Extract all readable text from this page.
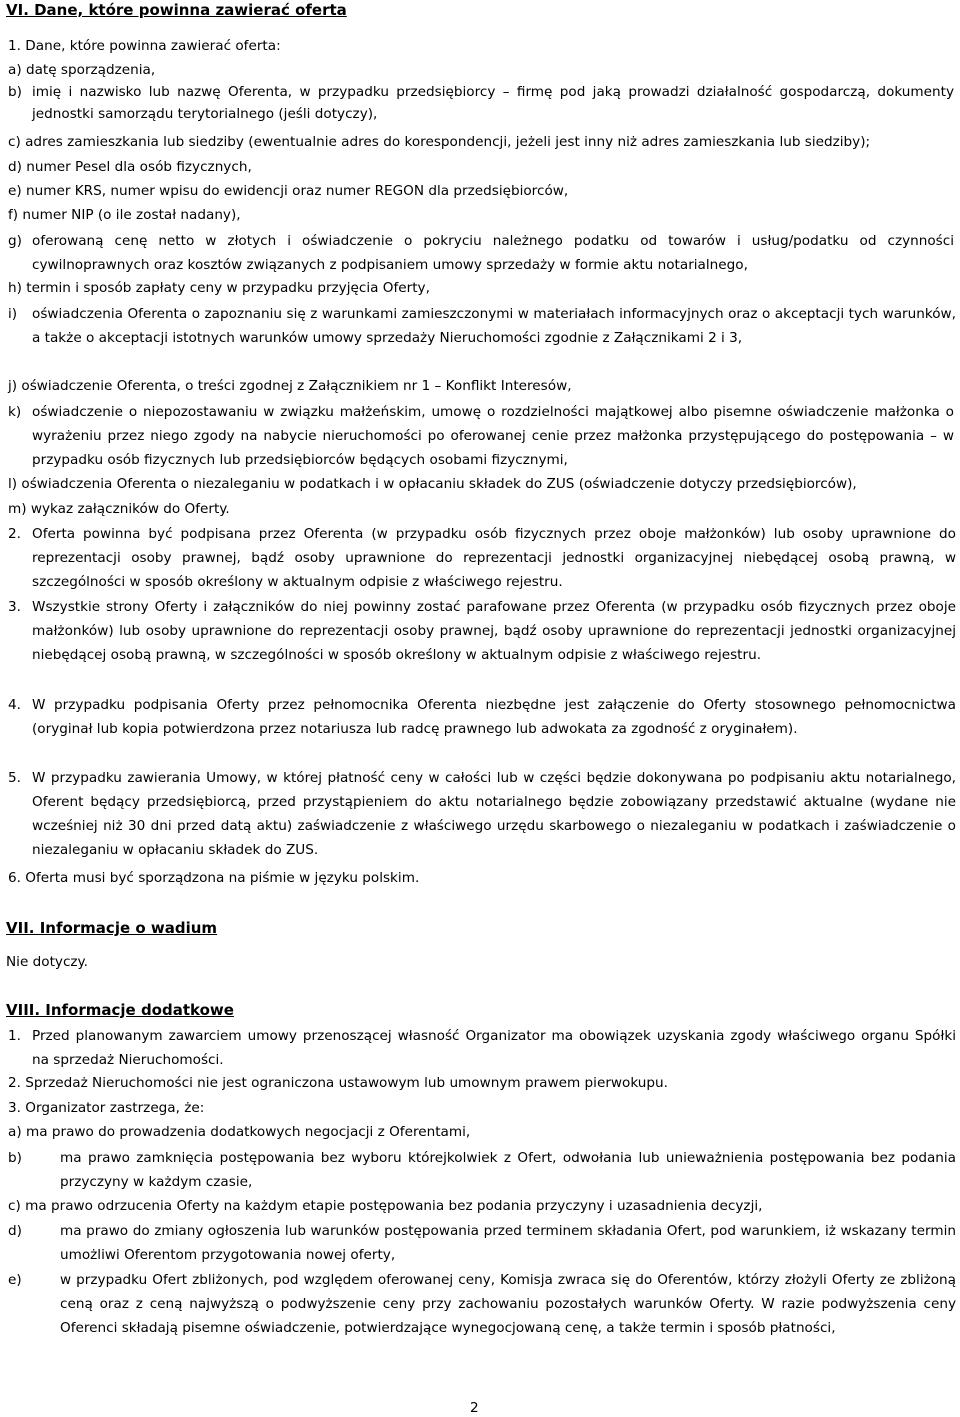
VI. Dane, które powinna zawierać oferta

1. Dane, które powinna zawierać oferta:

a) datę sporządzenia,

b) imię i nazwisko lub nazwę Oferenta, w przypadku przedsiębiorcy – firmę pod jaką prowadzi działalność gospodarczą, dokumenty jednostki samorządu terytorialnego (jeśli dotyczy),

c) adres zamieszkania lub siedziby (ewentualnie adres do korespondencji, jeżeli jest inny niż adres zamieszkania lub siedziby);

d) numer Pesel dla osób fizycznych,

e) numer KRS, numer wpisu do ewidencji oraz numer REGON dla przedsiębiorców,

f) numer NIP (o ile został nadany),

g) oferowaną cenę netto w złotych i oświadczenie o pokryciu należnego podatku od towarów i usług/podatku od czynności cywilnoprawnych oraz kosztów związanych z podpisaniem umowy sprzedaży w formie aktu notarialnego,

h) termin i sposób zapłaty ceny w przypadku przyjęcia Oferty,

i) oświadczenia Oferenta o zapoznaniu się z warunkami zamieszczonymi w materiałach informacyjnych oraz o akceptacji tych warunków, a także o akceptacji istotnych warunków umowy sprzedaży Nieruchomości zgodnie z Załącznikami 2 i 3,

j) oświadczenie Oferenta, o treści zgodnej z Załącznikiem nr 1 – Konflikt Interesów,

k) oświadczenie o niepozostawaniu w związku małżeńskim, umowę o rozdzielności majątkowej albo pisemne oświadczenie małżonka o wyrażeniu przez niego zgody na nabycie nieruchomości po oferowanej cenie przez małżonka przystępującego do postępowania – w przypadku osób fizycznych lub przedsiębiorców będących osobami fizycznymi,

l) oświadczenia Oferenta o niezaleganiu w podatkach i w opłacaniu składek do ZUS (oświadczenie dotyczy przedsiębiorców),

m) wykaz załączników do Oferty.

2. Oferta powinna być podpisana przez Oferenta (w przypadku osób fizycznych przez oboje małżonków) lub osoby uprawnione do reprezentacji osoby prawnej, bądź osoby uprawnione do reprezentacji jednostki organizacyjnej niebędącej osobą prawną, w szczególności w sposób określony w aktualnym odpisie z właściwego rejestru.
3. Wszystkie strony Oferty i załączników do niej powinny zostać parafowane przez Oferenta (w przypadku osób fizycznych przez oboje małżonków) lub osoby uprawnione do reprezentacji osoby prawnej, bądź osoby uprawnione do reprezentacji jednostki organizacyjnej niebędącej osobą prawną, w szczególności w sposób określony w aktualnym odpisie z właściwego rejestru.
4. W przypadku podpisania Oferty przez pełnomocnika Oferenta niezbędne jest załączenie do Oferty stosownego pełnomocnictwa (oryginał lub kopia potwierdzona przez notariusza lub radcę prawnego lub adwokata za zgodność z oryginałem).
5. W przypadku zawierania Umowy, w której płatność ceny w całości lub w części będzie dokonywana po podpisaniu aktu notarialnego, Oferent będący przedsiębiorcą, przed przystąpieniem do aktu notarialnego będzie zobowiązany przedstawić aktualne (wydane nie wcześniej niż 30 dni przed datą aktu) zaświadczenie z właściwego urzędu skarbowego o niezaleganiu w podatkach i zaświadczenie o niezaleganiu w opłacaniu składek do ZUS.

6. Oferta musi być sporządzona na piśmie w języku polskim.

VII. Informacje o wadium

Nie dotyczy.

VIII. Informacje dodatkowe
1. Przed planowanym zawarciem umowy przenoszącej własność Organizator ma obowiązek uzyskania zgody właściwego organu Spółki na sprzedaż Nieruchomości.

2. Sprzedaż Nieruchomości nie jest ograniczona ustawowym lub umownym prawem pierwokupu.

3. Organizator zastrzega, że:

a) ma prawo do prowadzenia dodatkowych negocjacji z Oferentami,

b)	ma prawo zamknięcia postępowania bez wyboru którejkolwiek z Ofert, odwołania lub unieważnienia postępowania bez podania przyczyny w każdym czasie,

c) ma prawo odrzucenia Oferty na każdym etapie postępowania bez podania przyczyny i uzasadnienia decyzji,

d)	ma prawo do zmiany ogłoszenia lub warunków postępowania przed terminem składania Ofert, pod warunkiem, iż wskazany termin umożliwi Oferentom przygotowania nowej oferty,
e)	w przypadku Ofert zbliżonych, pod względem oferowanej ceny, Komisja zwraca się do Oferentów, którzy złożyli Oferty ze zbliżoną ceną oraz z ceną najwyższą o podwyższenie ceny przy zachowaniu pozostałych warunków Oferty. W razie podwyższenia ceny Oferenci składają pisemne oświadczenie, potwierdzające wynegocjowaną cenę, a także termin i sposób płatności,
2
